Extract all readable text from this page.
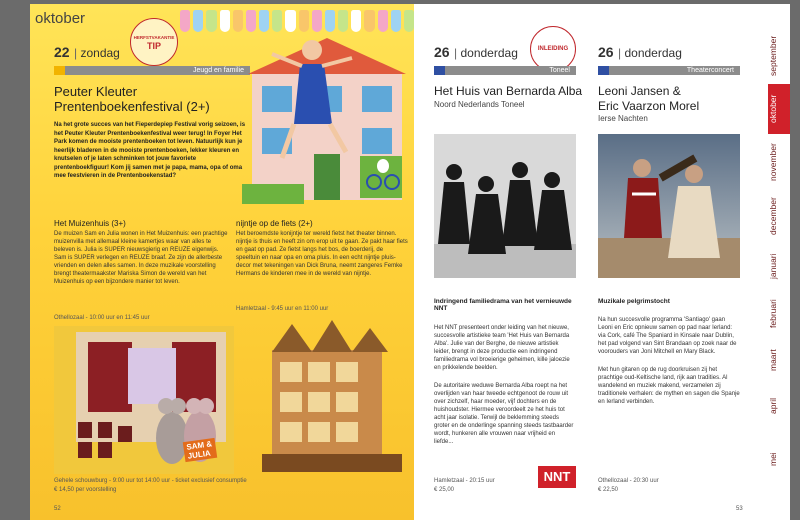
oktober
22 | zondag
HERFSTVAKANTIE
TIP
Jeugd en familie
Peuter Kleuter
Prentenboekenfestival (2+)

Na het grote succes van het Fieperdepiep Festival vorig seizoen, is het Peuter Kleuter Prentenboekenfestival weer terug! In Foyer Het Park komen de mooiste prentenboeken tot leven. Natuurlijk kun je heerlijk bladeren in de mooiste prentenboeken, lekker kleuren en knutselen of je laten schminken tot jouw favoriete prentenboekfiguur! Kom jij samen met je papa, mama, opa of oma mee feestvieren in de Prentenboekenstad?

Het Muizenhuis (3+)

De muizen Sam en Julia wonen in Het Muizenhuis: een prachtige muizenvilla met allemaal kleine kamertjes waar van alles te beleven is. Julia is SUPER nieuwsgierig en REUZE eigenwijs. Sam is SUPER verlegen en REUZE braaf. Ze zijn de allerbeste vrienden en delen alles samen. In deze muzikale voorstelling brengt theatermaakster Mariska Simon de wereld van het Muizenhuis op een bijzondere manier tot leven.

Othellozaal - 10:00 uur en 11:45 uur
nijntje op de fiets (2+)

Het beroemdste konijntje ter wereld fietst het theater binnen. nijntje is thuis en heeft zin om erop uit te gaan. Ze pakt haar fiets en gaat op pad. Ze fietst langs het bos, de boerderij, de speeltuin en naar opa en oma pluis. In een echt nijntje pluis-decor met tekeningen van Dick Bruna, neemt zangeres Femke Hermans de kinderen mee in de wereld van nijntje.

Hamletzaal - 9:45 uur en 11:00 uur
SAM &
JULIA
Gehele schouwburg - 9:00 uur tot 14:00 uur - ticket exclusief consumptie
€ 14,50 per voorstelling
52
26 | donderdag	INLEIDING
Toneel
Het Huis van Bernarda Alba
Noord Nederlands Toneel
Indringend familiedrama van het vernieuwde NNT

Het NNT presenteert onder leiding van het nieuwe, succesvolle artistieke team 'Het Huis van Bernarda Alba'. Julie van der Berghe, de nieuwe artistiek leider, brengt in deze productie een indringend familiedrama vol broeierige geheimen, kille jaloezie en prikkelende beelden.

De autoritaire weduwe Bernarda Alba roept na het overlijden van haar tweede echtgenoot de rouw uit over zichzelf, haar moeder, vijf dochters en de huishoudster. Hiermee veroordeelt ze het huis tot acht jaar isolatie. Terwijl de beklemming steeds groter en de onderlinge spanning steeds tastbaarder wordt, hunkeren alle vrouwen naar vrijheid en liefde...

Hamletzaal - 20:15 uur
€ 25,00
NNT
26 | donderdag
Theaterconcert
Leoni Jansen &
Eric Vaarzon Morel
Ierse Nachten
Muzikale pelgrimstocht

Na hun succesvolle programma 'Santiago' gaan Leoni en Eric opnieuw samen op pad naar Ierland: via Cork, café The Spaniard in Kinsale naar Dublin, het pad volgend van Sint Brandaan op zoek naar de voorouders van Joni Mitchell en Mary Black.

Met hun gitaren op de rug doorkruisen zij het prachtige oud-Keltische land, rijk aan tradities. Al wandelend en muziek makend, verzamelen zij traditionele verhalen: de mythen en sagen die Spanje en Ierland verbinden.

Othellozaal - 20:30 uur
€ 22,50
53
september
oktober
november
december
januari
februari
maart
april
mei
